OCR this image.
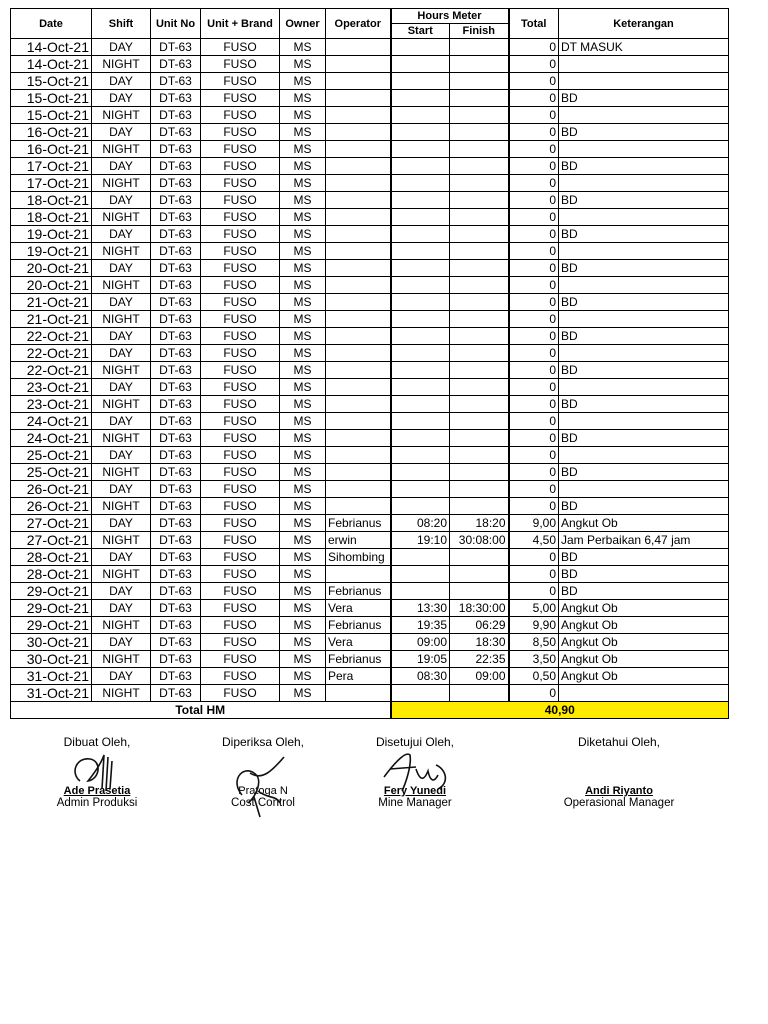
Date	Shift	Unit No	Unit + Brand	Owner	Operator	Hours Meter		Total	Keterangan
						Start	Finish		
14-Oct-21	DAY	DT-63	FUSO	MS				0	DT MASUK
14-Oct-21	NIGHT	DT-63	FUSO	MS				0	
15-Oct-21	DAY	DT-63	FUSO	MS				0	
15-Oct-21	DAY	DT-63	FUSO	MS				0	BD
15-Oct-21	NIGHT	DT-63	FUSO	MS				0	
16-Oct-21	DAY	DT-63	FUSO	MS				0	BD
16-Oct-21	NIGHT	DT-63	FUSO	MS				0	
17-Oct-21	DAY	DT-63	FUSO	MS				0	BD
17-Oct-21	NIGHT	DT-63	FUSO	MS				0	
18-Oct-21	DAY	DT-63	FUSO	MS				0	BD
18-Oct-21	NIGHT	DT-63	FUSO	MS				0	
19-Oct-21	DAY	DT-63	FUSO	MS				0	BD
19-Oct-21	NIGHT	DT-63	FUSO	MS				0	
20-Oct-21	DAY	DT-63	FUSO	MS				0	BD
20-Oct-21	NIGHT	DT-63	FUSO	MS				0	
21-Oct-21	DAY	DT-63	FUSO	MS				0	BD
21-Oct-21	NIGHT	DT-63	FUSO	MS				0	
22-Oct-21	DAY	DT-63	FUSO	MS				0	BD
22-Oct-21	DAY	DT-63	FUSO	MS				0	
22-Oct-21	NIGHT	DT-63	FUSO	MS				0	BD
23-Oct-21	DAY	DT-63	FUSO	MS				0	
23-Oct-21	NIGHT	DT-63	FUSO	MS				0	BD
24-Oct-21	DAY	DT-63	FUSO	MS				0	
24-Oct-21	NIGHT	DT-63	FUSO	MS				0	BD
25-Oct-21	DAY	DT-63	FUSO	MS				0	
25-Oct-21	NIGHT	DT-63	FUSO	MS				0	BD
26-Oct-21	DAY	DT-63	FUSO	MS				0	
26-Oct-21	NIGHT	DT-63	FUSO	MS				0	BD
27-Oct-21	DAY	DT-63	FUSO	MS	Febrianus	08:20	18:20	9,00	Angkut Ob
27-Oct-21	NIGHT	DT-63	FUSO	MS	erwin	19:10	30:08:00	4,50	Jam Perbaikan 6,47 jam
28-Oct-21	DAY	DT-63	FUSO	MS	Sihombing			0	BD
28-Oct-21	NIGHT	DT-63	FUSO	MS				0	BD
29-Oct-21	DAY	DT-63	FUSO	MS	Febrianus			0	BD
29-Oct-21	DAY	DT-63	FUSO	MS	Vera	13:30	18:30:00	5,00	Angkut Ob
29-Oct-21	NIGHT	DT-63	FUSO	MS	Febrianus	19:35	06:29	9,90	Angkut Ob
30-Oct-21	DAY	DT-63	FUSO	MS	Vera	09:00	18:30	8,50	Angkut Ob
30-Oct-21	NIGHT	DT-63	FUSO	MS	Febrianus	19:05	22:35	3,50	Angkut Ob
31-Oct-21	DAY	DT-63	FUSO	MS	Pera	08:30	09:00	0,50	Angkut Ob
31-Oct-21	NIGHT	DT-63	FUSO	MS				0	
Total HM						40,90			
Dibuat Oleh,
Ade Prasetia
Admin Produksi
Diperiksa Oleh,
Pratoga N
Cost Control
Disetujui Oleh,
Fery Yunedi
Mine Manager
Diketahui Oleh,
Andi Riyanto
Operasional Manager
